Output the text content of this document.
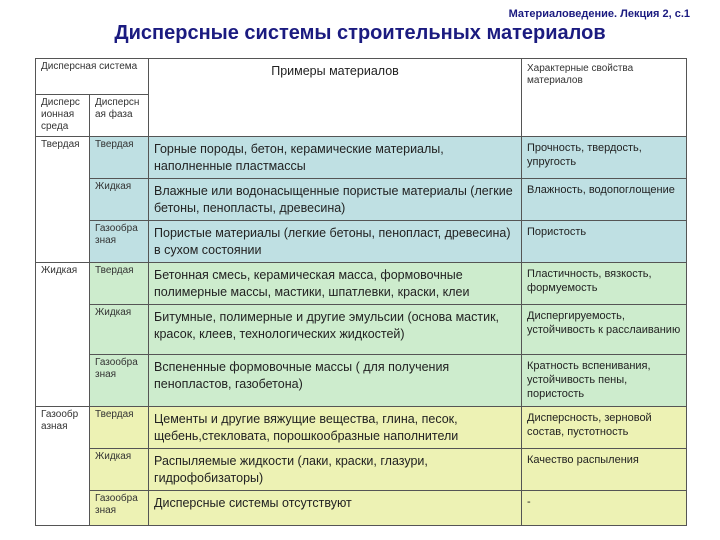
Материаловедение. Лекция 2, с.1
Дисперсные системы строительных материалов
Дисперсная система		Примеры материалов	Характерные свойства материалов
Дисперс ионная среда	Дисперсн ая фаза		
Твердая	Твердая	Горные породы, бетон, керамические материалы, наполненные пластмассы	Прочность, твердость, упругость
	Жидкая	Влажные или водонасыщенные пористые материалы (легкие бетоны, пенопласты, древесина)	Влажность, водопоглощение
	Газообра зная	Пористые материалы (легкие бетоны, пенопласт, древесина) в сухом состоянии	Пористость
Жидкая	Твердая	Бетонная смесь, керамическая масса, формовочные полимерные массы, мастики, шпатлевки, краски, клеи	Пластичность, вязкость, формуемость
	Жидкая	Битумные, полимерные и другие эмульсии (основа мастик, красок, клеев, технологических жидкостей)	Диспергируемость, устойчивость к расслаиванию
	Газообра зная	Вспененные формовочные массы ( для получения пенопластов, газобетона)	Кратность вспенивания, устойчивость пены, пористость
Газообр азная	Твердая	Цементы и другие вяжущие вещества, глина, песок, щебень,стекловата, порошкообразные наполнители	Дисперсность, зерновой состав, пустотность
	Жидкая	Распыляемые жидкости (лаки, краски, глазури, гидрофобизаторы)	Качество распыления
	Газообра зная	Дисперсные системы отсутствуют	-
